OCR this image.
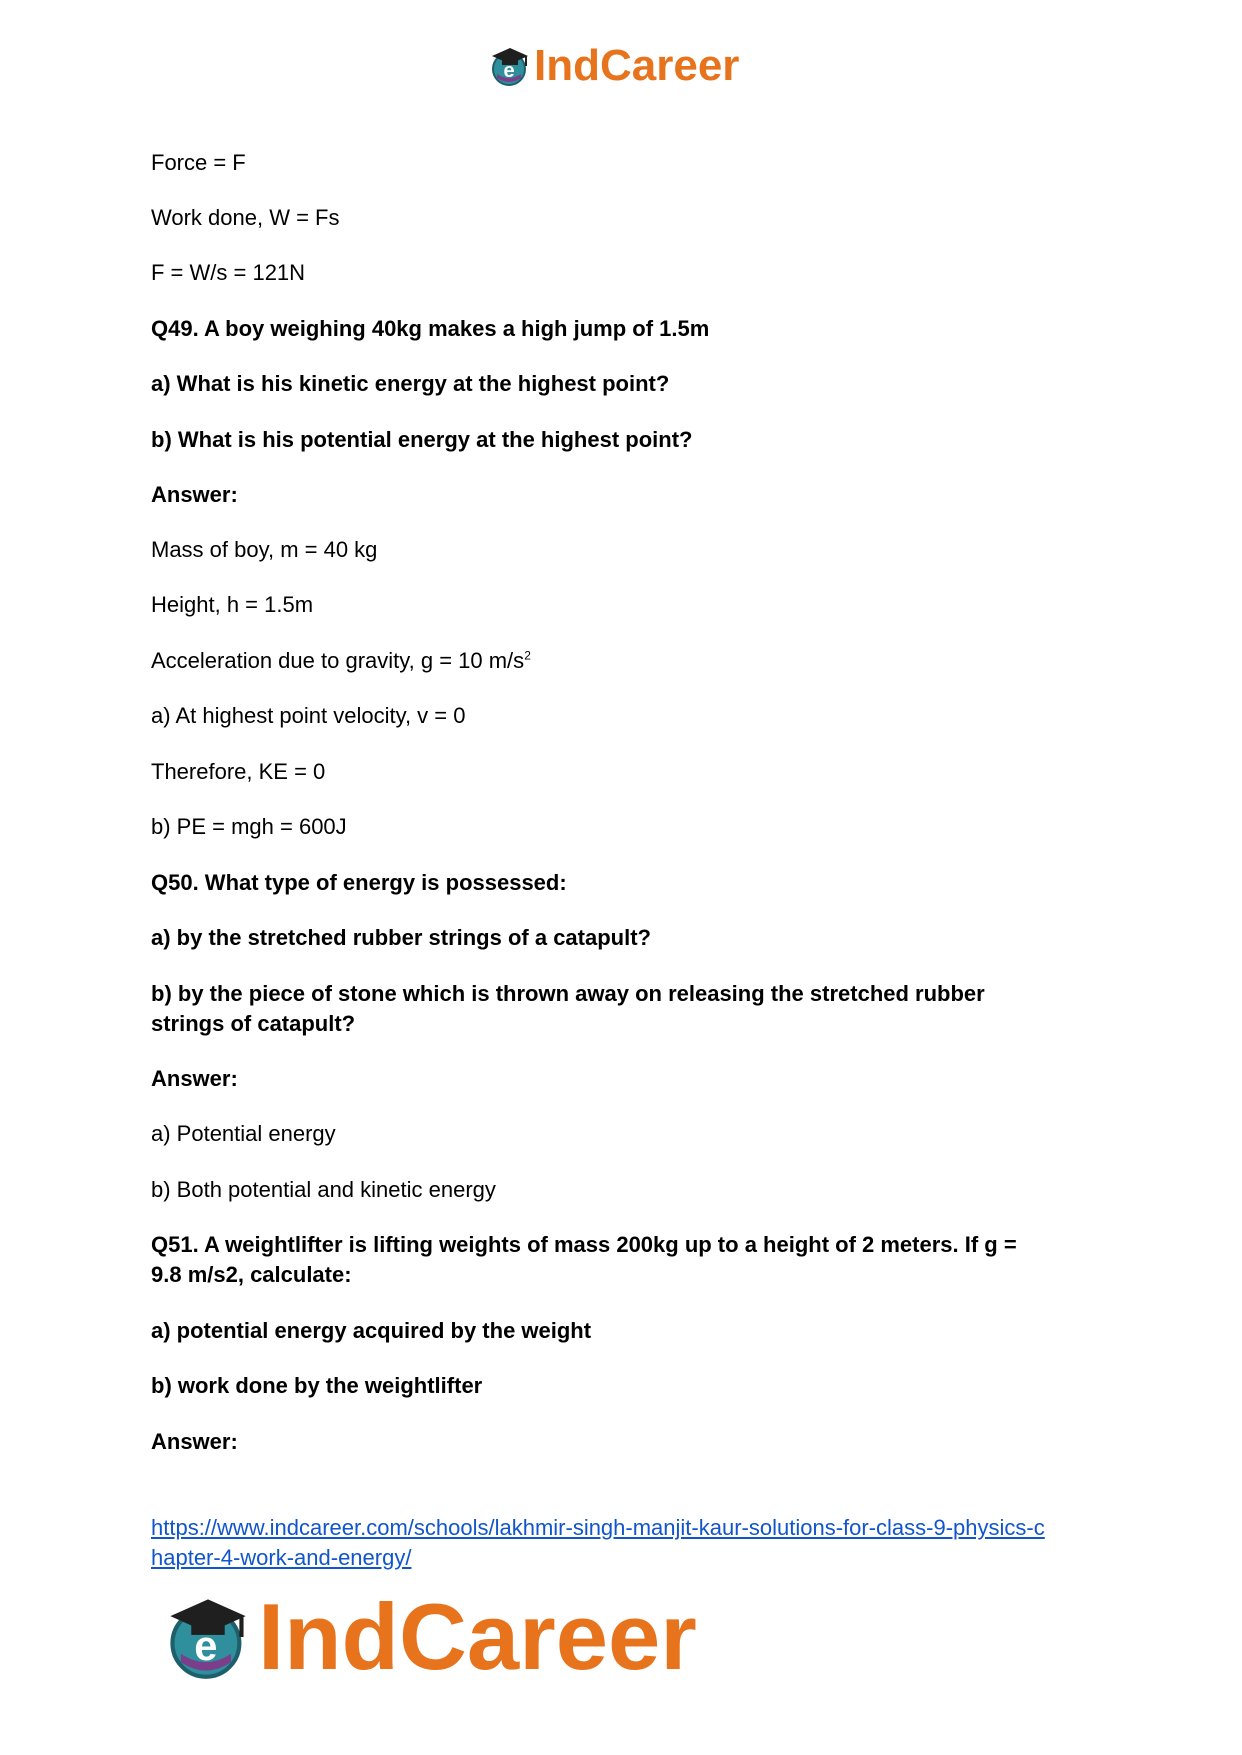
e IndCareer

Force = F

Work done, W = Fs

F = W/s = 121N

Q49. A boy weighing 40kg makes a high jump of 1.5m

a) What is his kinetic energy at the highest point?

b) What is his potential energy at the highest point?

Answer:

Mass of boy, m = 40 kg

Height, h = 1.5m

Acceleration due to gravity, g = 10 $m/s^2$

a) At highest point velocity, v = 0

Therefore, KE = 0

b) PE = mgh = 600J

Q50. What type of energy is possessed:

a) by the stretched rubber strings of a catapult?

b) by the piece of stone which is thrown away on releasing the stretched rubber
strings of catapult?

Answer:

a) Potential energy

b) Both potential and kinetic energy

Q51. A weightlifter is lifting weights of mass 200kg up to a height of 2 meters. If g =
9.8 m/s2, calculate:

a) potential energy acquired by the weight

b) work done by the weightlifter

Answer:

https://www.indcareer.com/schools/lakhmir-singh-manjit-kaur-solutions-for-class-9-physics-c
hapter-4-work-and-energy/
e IndCareer
